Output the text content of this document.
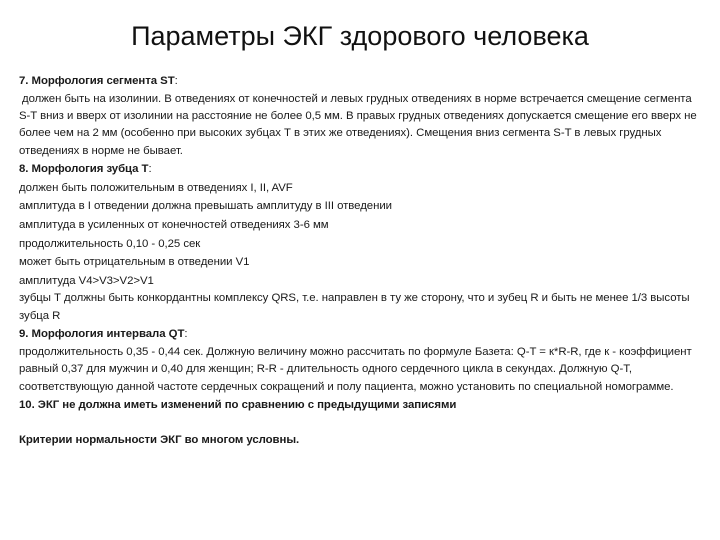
Параметры ЭКГ здорового человека

7. Морфология сегмента ST:

должен быть на изолинии. В отведениях от конечностей и левых грудных отведениях в норме встречается смещение сегмента S-T вниз и вверх от изолинии на расстояние не более 0,5 мм. В правых грудных отведениях допускается смещение его вверх не более чем на 2 мм (особенно при высоких зубцах Т в этих же отведениях). Смещения вниз сегмента S-T в левых грудных отведениях в норме не бывает.

8. Морфология зубца T:

должен быть положительным в отведениях I, II, AVF

амплитуда в I отведении должна превышать амплитуду в III отведении

амплитуда в усиленных от конечностей отведениях 3-6 мм

продолжительность 0,10 - 0,25 сек

может быть отрицательным в отведении V1

амплитуда V4>V3>V2>V1

зубцы Т должны быть конкордантны комплексу QRS, т.е. направлен в ту же сторону, что и зубец R и быть не менее 1/3 высоты зубца R

9. Морфология интервала QT:

продолжительность 0,35 - 0,44 сек. Должную величину можно рассчитать по формуле Базета: Q-T = к*R-R, где к - коэффициент равный 0,37 для мужчин и 0,40 для женщин; R-R - длительность одного сердечного цикла в секундах. Должную Q-T, соответствующую данной частоте сердечных сокращений и полу пациента, можно установить по специальной номограмме.

10. ЭКГ не должна иметь изменений по сравнению с предыдущими записями

Критерии нормальности ЭКГ во многом условны.
